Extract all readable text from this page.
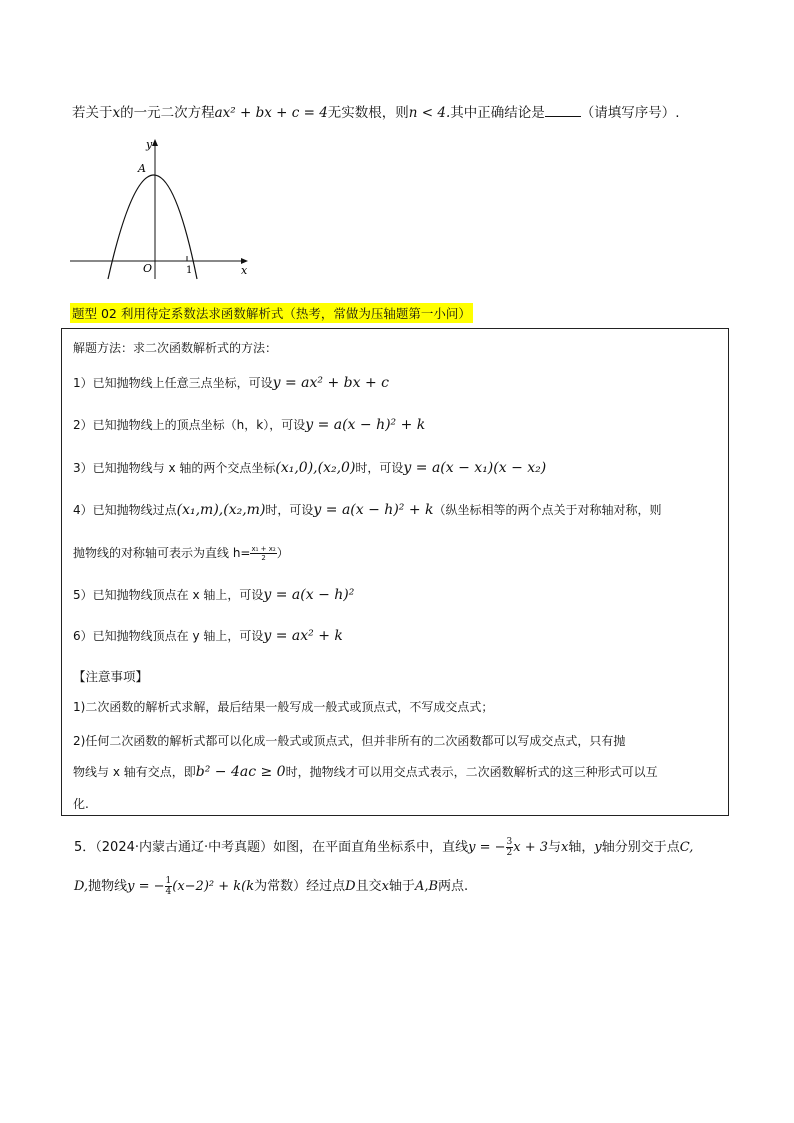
若关于x的一元二次方程ax² + bx + c = 4无实数根，则n < 4.其中正确结论是	（请填写序号）.
y
x
O
A
1
题型 02 利用待定系数法求函数解析式（热考，常做为压轴题第一小问）
解题方法：求二次函数解析式的方法：
1）已知抛物线上任意三点坐标，可设y = ax² + bx + c
2）已知抛物线上的顶点坐标（h，k），可设y = a(x − h)² + k
3）已知抛物线与 x 轴的两个交点坐标(x₁,0),(x₂,0)时，可设y = a(x − x₁)(x − x₂)
4）已知抛物线过点(x₁,m),(x₂,m)时，可设y = a(x − h)² + k（纵坐标相等的两个点关于对称轴对称，则
抛物线的对称轴可表示为直线 $h= \frac{\text{x₁ + x₂}}{2}$ ）
5）已知抛物线顶点在 x 轴上，可设y = a(x − h)²
6）已知抛物线顶点在 y 轴上，可设y = ax² + k
【注意事项】
1)二次函数的解析式求解，最后结果一般写成一般式或顶点式，不写成交点式；
2)任何二次函数的解析式都可以化成一般式或顶点式，但并非所有的二次函数都可以写成交点式，只有抛
物线与 x 轴有交点，即b² − 4ac ≥ 0时，抛物线才可以用交点式表示，二次函数解析式的这三种形式可以互
化.
5．（2024·内蒙古通辽·中考真题）如图，在平面直角坐标系中，直线y = − $\frac{3}{2}$ x + 3与x轴，y轴分别交于点C,
D,抛物线y = − $\frac{1}{4} (x-2)^2 + k(k$为常数）经过点D且交x轴于A,B两点.
